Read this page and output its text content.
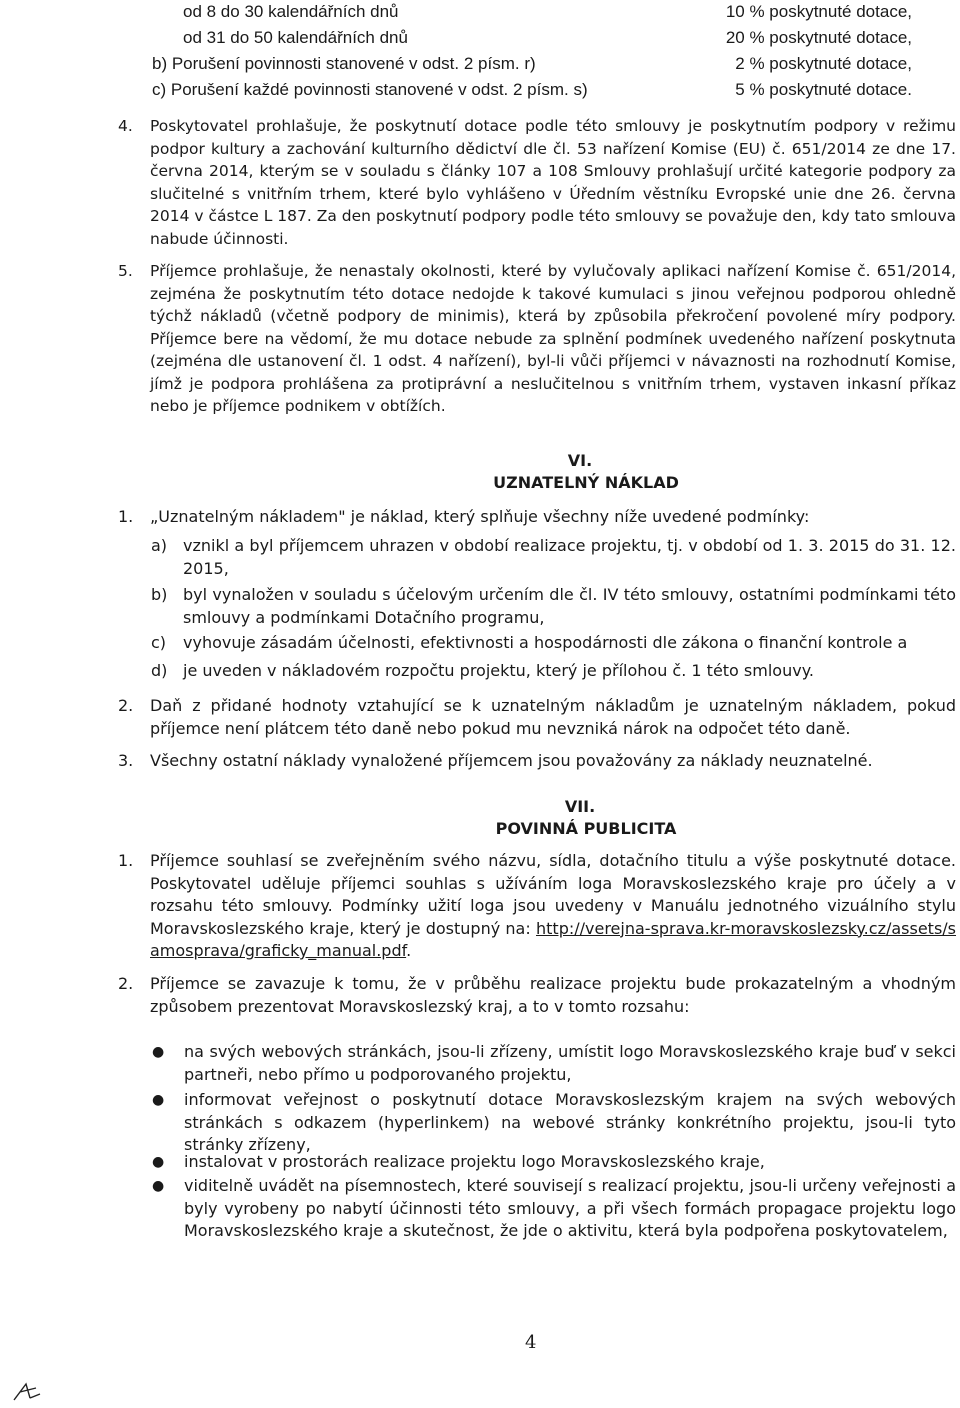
od 8 do 30 kalendářních dnů	10 % poskytnuté dotace,
od 31 do 50 kalendářních dnů	20 % poskytnuté dotace,
b) Porušení povinnosti stanovené v odst. 2 písm. r)	2 % poskytnuté dotace,
c) Porušení každé povinnosti stanovené v odst. 2 písm. s)	5 % poskytnuté dotace.
4.	Poskytovatel prohlašuje, že poskytnutí dotace podle této smlouvy je poskytnutím podpory v režimu podpor kultury a zachování kulturního dědictví dle čl. 53 nařízení Komise (EU) č. 651/2014 ze dne 17. června 2014, kterým se v souladu s články 107 a 108 Smlouvy prohlašují určité kategorie podpory za slučitelné s vnitřním trhem, které bylo vyhlášeno v Úředním věstníku Evropské unie dne 26. června 2014 v částce L 187. Za den poskytnutí podpory podle této smlouvy se považuje den, kdy tato smlouva nabude účinnosti.

5.	Příjemce prohlašuje, že nenastaly okolnosti, které by vylučovaly aplikaci nařízení Komise č. 651/2014, zejména že poskytnutím této dotace nedojde k takové kumulaci s jinou veřejnou podporou ohledně týchž nákladů (včetně podpory de minimis), která by způsobila překročení povolené míry podpory. Příjemce bere na vědomí, že mu dotace nebude za splnění podmínek uvedeného nařízení poskytnuta (zejména dle ustanovení čl. 1 odst. 4 nařízení), byl-li vůči příjemci v návaznosti na rozhodnutí Komise, jímž je podpora prohlášena za protiprávní a neslučitelnou s vnitřním trhem, vystaven inkasní příkaz nebo je příjemce podnikem v obtížích.

VI.
UZNATELNÝ NÁKLAD
1.	„Uznatelným nákladem" je náklad, který splňuje všechny níže uvedené podmínky:

a) vznikl a byl příjemcem uhrazen v období realizace projektu, tj. v období od 1. 3. 2015 do 31. 12. 2015,

b) byl vynaložen v souladu s účelovým určením dle čl. IV této smlouvy, ostatními podmínkami této smlouvy a podmínkami Dotačního programu,

c)	vyhovuje zásadám účelnosti, efektivnosti a hospodárnosti dle zákona o finanční kontrole a

d) je uveden v nákladovém rozpočtu projektu, který je přílohou č. 1 této smlouvy.

2.	Daň z přidané hodnoty vztahující se k uznatelným nákladům je uznatelným nákladem, pokud příjemce není plátcem této daně nebo pokud mu nevzniká nárok na odpočet této daně.

3.	Všechny ostatní náklady vynaložené příjemcem jsou považovány za náklady neuznatelné.

VII.
POVINNÁ PUBLICITA
1.	Příjemce souhlasí se zveřejněním svého názvu, sídla, dotačního titulu a výše poskytnuté dotace. Poskytovatel uděluje příjemci souhlas s užíváním loga Moravskoslezského kraje pro účely a v rozsahu této smlouvy. Podmínky užití loga jsou uvedeny v Manuálu jednotného vizuálního stylu Moravskoslezského kraje, který je dostupný na: http://verejna-sprava.kr-moravskoslezsky.cz/assets/samosprava/graficky_manual.pdf.

2.	Příjemce se zavazuje k tomu, že v průběhu realizace projektu bude prokazatelným a vhodným způsobem prezentovat Moravskoslezský kraj, a to v tomto rozsahu:

●	na svých webových stránkách, jsou-li zřízeny, umístit logo Moravskoslezského kraje buď v sekci partneři, nebo přímo u podporovaného projektu,

●	informovat veřejnost o poskytnutí dotace Moravskoslezským krajem na svých webových stránkách s odkazem (hyperlinkem) na webové stránky konkrétního projektu, jsou-li tyto stránky zřízeny,

●	instalovat v prostorách realizace projektu logo Moravskoslezského kraje,

●	viditelně uvádět na písemnostech, které souvisejí s realizací projektu, jsou-li určeny veřejnosti a byly vyrobeny po nabytí účinnosti této smlouvy, a při všech formách propagace projektu logo Moravskoslezského kraje a skutečnost, že jde o aktivitu, která byla podpořena poskytovatelem,

4
